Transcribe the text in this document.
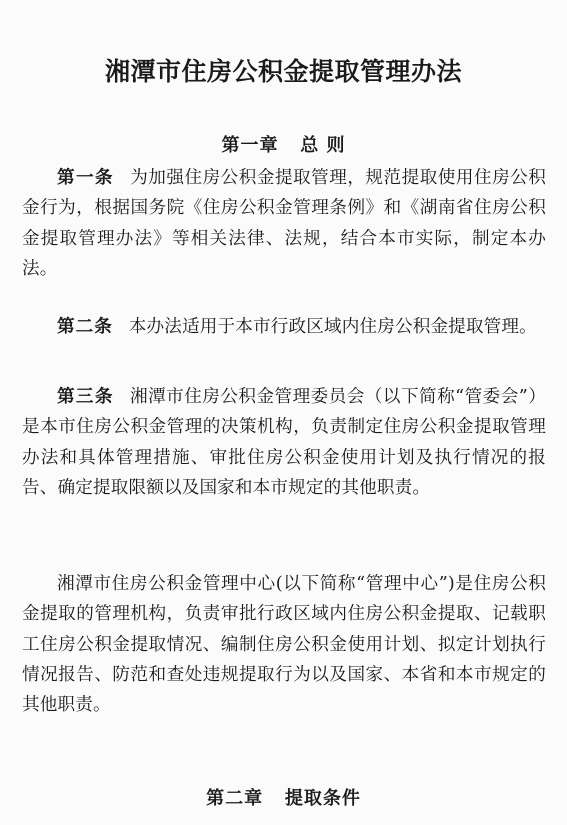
湘潭市住房公积金提取管理办法
第一章   总 则

第一条 为加强住房公积金提取管理，规范提取使用住房公积金行为，根据国务院《住房公积金管理条例》和《湖南省住房公积金提取管理办法》等相关法律、法规，结合本市实际，制定本办法。

第二条 本办法适用于本市行政区域内住房公积金提取管理。

第三条 湘潭市住房公积金管理委员会（以下简称“管委会”）是本市住房公积金管理的决策机构，负责制定住房公积金提取管理办法和具体管理措施、审批住房公积金使用计划及执行情况的报告、确定提取限额以及国家和本市规定的其他职责。

湘潭市住房公积金管理中心(以下简称“管理中心”)是住房公积金提取的管理机构，负责审批行政区域内住房公积金提取、记载职工住房公积金提取情况、编制住房公积金使用计划、拟定计划执行情况报告、防范和查处违规提取行为以及国家、本省和本市规定的其他职责。

第二章   提取条件
